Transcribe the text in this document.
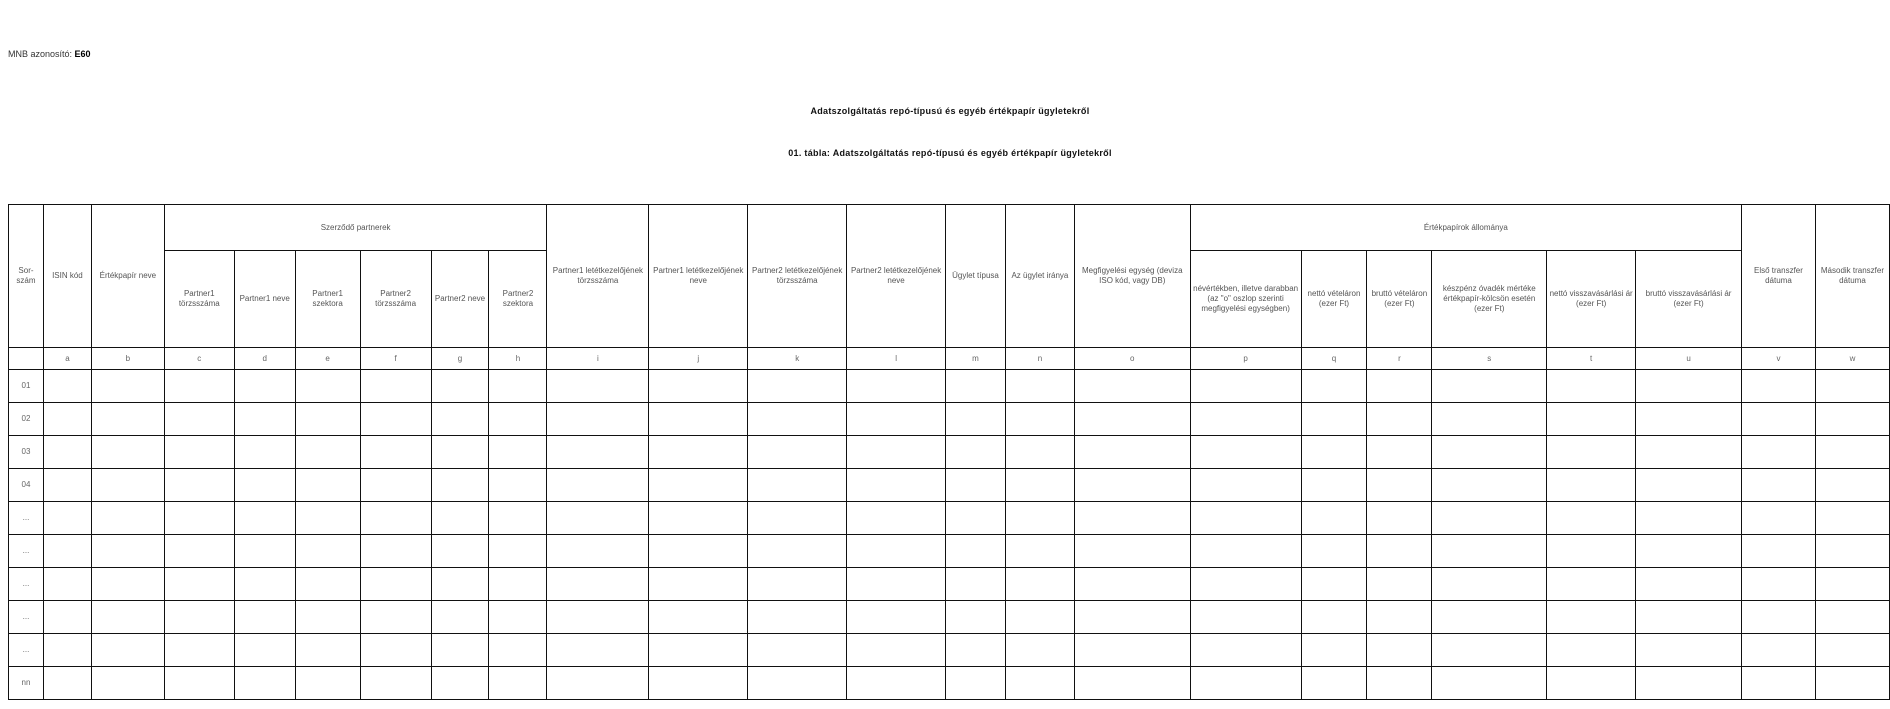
MNB azonosító: E60
Adatszolgáltatás repó-típusú és egyéb értékpapír ügyletekről
01. tábla: Adatszolgáltatás repó-típusú és egyéb értékpapír ügyletekről
Sor-szám	ISIN kód	Értékpapír neve	Szerződő partnerek						Partner1 letétkezelőjének törzsszáma	Partner1 letétkezelőjének neve	Partner2 letétkezelőjének törzsszáma	Partner2 letétkezelőjének neve	Ügylet típusa	Az ügylet iránya	Megfigyelési egység (deviza ISO kód, vagy DB)	Értékpapírok állománya						Első transzfer dátuma	Második transzfer dátuma
			Partner1 törzsszáma	Partner1 neve	Partner1 szektora	Partner2 törzsszáma	Partner2 neve	Partner2 szektora								névértékben, illetve darabban (az "o" oszlop szerinti megfigyelési egységben)	nettó vételáron (ezer Ft)	bruttó vételáron (ezer Ft)	készpénz óvadék mértéke értékpapír-kölcsön esetén (ezer Ft)	nettó visszavásárlási ár (ezer Ft)	bruttó visszavásárlási ár (ezer Ft)		
	a	b	c	d	e	f	g	h	i	j	k	l	m	n	o	p	q	r	s	t	u	v	w
01																							
02																							
03																							
04																							
...																							
...																							
...																							
...																							
...																							
nn																							
